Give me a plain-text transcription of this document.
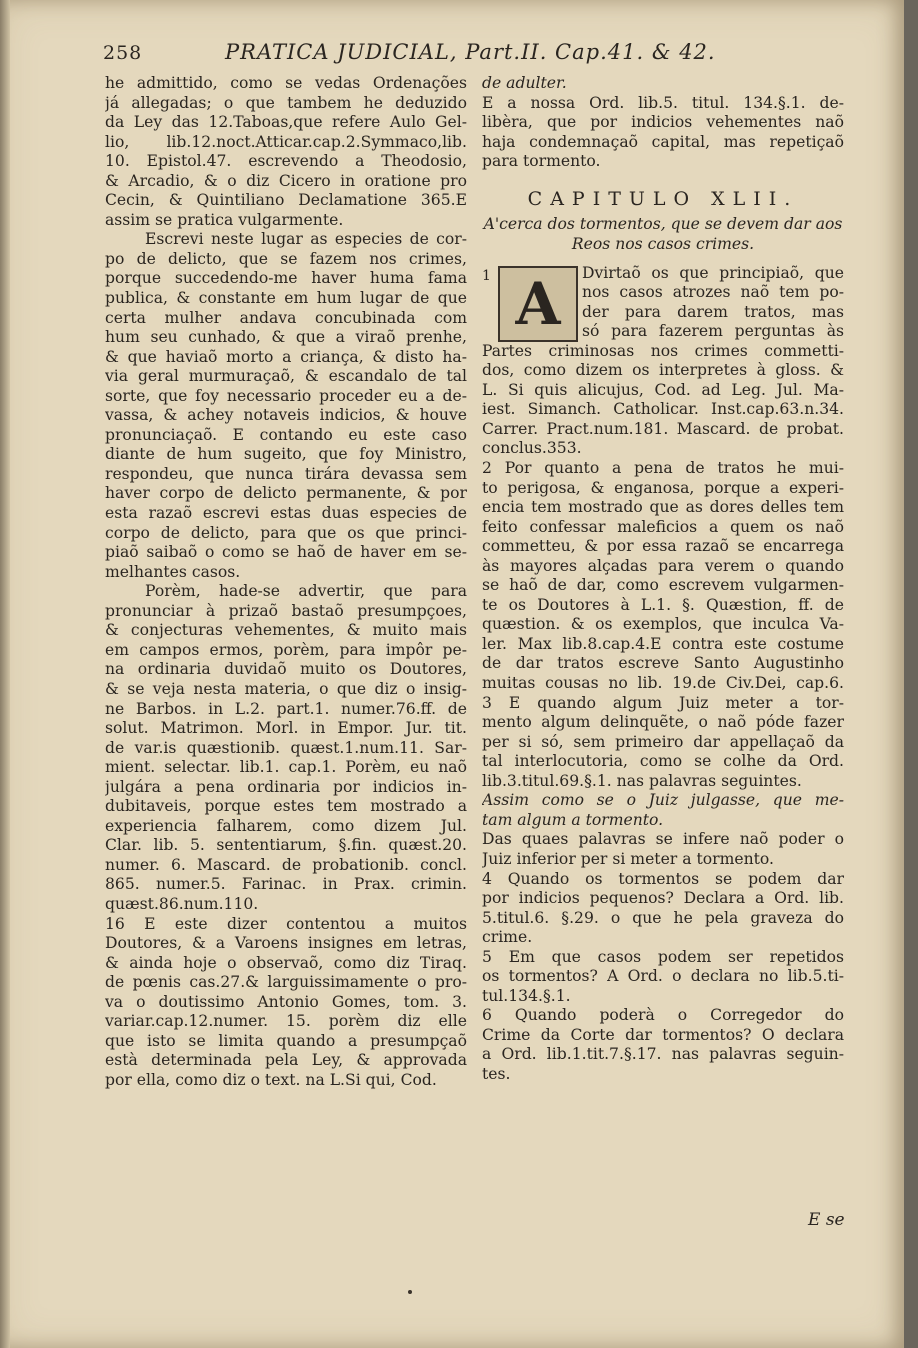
258	PRATICA JUDICIAL, Part.II. Cap.41. & 42.
he admittido, como se vedas Ordenações
já allegadas; o que tambem he deduzido
da Ley das 12.Taboas,que refere Aulo Gel-
lio, lib.12.noct.Atticar.cap.2.Symmaco,lib.
10. Epistol.47. escrevendo a Theodosio,
& Arcadio, & o diz Cicero in oratione pro
Cecin, & Quintiliano Declamatione 365.E
assim se pratica vulgarmente.
Escrevi neste lugar as especies de cor-
po de delicto, que se fazem nos crimes,
porque succedendo-me haver huma fama
publica, & constante em hum lugar de que
certa mulher andava concubinada com
hum seu cunhado, & que a viraõ prenhe,
& que haviaõ morto a criança, & disto ha-
via geral murmuraçaõ, & escandalo de tal
sorte, que foy necessario proceder eu a de-
vassa, & achey notaveis indicios, & houve
pronunciaçaõ. E contando eu este caso
diante de hum sugeito, que foy Ministro,
respondeu, que nunca tirára devassa sem
haver corpo de delicto permanente, & por
esta razaõ escrevi estas duas especies de
corpo de delicto, para que os que princi-
piaõ saibaõ o como se haõ de haver em se-
melhantes casos.
Porèm, hade-se advertir, que para
pronunciar à prizaõ bastaõ presumpçoes,
& conjecturas vehementes, & muito mais
em campos ermos, porèm, para impôr pe-
na ordinaria duvidaõ muito os Doutores,
& se veja nesta materia, o que diz o insig-
ne Barbos. in L.2. part.1. numer.76.ff. de
solut. Matrimon. Morl. in Empor. Jur. tit.
de var.is quæstionib. quæst.1.num.11. Sar-
mient. selectar. lib.1. cap.1. Porèm, eu naõ
julgára a pena ordinaria por indicios in-
dubitaveis, porque estes tem mostrado a
experiencia falharem, como dizem Jul.
Clar. lib. 5. sententiarum, §.fin. quæst.20.
numer. 6. Mascard. de probationib. concl.
865. numer.5. Farinac. in Prax. crimin.
quæst.86.num.110.
16 E este dizer contentou a muitos
Doutores, & a Varoens insignes em letras,
& ainda hoje o observaõ, como diz Tiraq.
de pœnis cas.27.& larguissimamente o pro-
va o doutissimo Antonio Gomes, tom. 3.
variar.cap.12.numer. 15. porèm diz elle
que isto se limita quando a presumpçaõ
està determinada pela Ley, & approvada
por ella, como diz o text. na L.Si qui, Cod.
de adulter.
E a nossa Ord. lib.5. titul. 134.§.1. de-
libèra, que por indicios vehementes naõ
haja condemnaçaõ capital, mas repetiçaõ
para tormento.
CAPITULO XLII.
A'cerca dos tormentos, que se devem dar aos
Reos nos casos crimes.
1 A	Dvirtaõ os que principiaõ, que
nos casos atrozes naõ tem po-
der para darem tratos, mas
só para fazerem perguntas às
Partes criminosas nos crimes commetti-
dos, como dizem os interpretes à gloss. &
L. Si quis alicujus, Cod. ad Leg. Jul. Ma-
iest. Simanch. Catholicar. Inst.cap.63.n.34.
Carrer. Pract.num.181. Mascard. de probat.
conclus.353.
2 Por quanto a pena de tratos he mui-
to perigosa, & enganosa, porque a experi-
encia tem mostrado que as dores delles tem
feito confessar maleficios a quem os naõ
commetteu, & por essa razaõ se encarrega
às mayores alçadas para verem o quando
se haõ de dar, como escrevem vulgarmen-
te os Doutores à L.1. §. Quæstion, ff. de
quæstion. & os exemplos, que inculca Va-
ler. Max lib.8.cap.4.E contra este costume
de dar tratos escreve Santo Augustinho
muitas cousas no lib. 19.de Civ.Dei, cap.6.
3 E quando algum Juiz meter a tor-
mento algum delinquẽte, o naõ póde fazer
per si só, sem primeiro dar appellaçaõ da
tal interlocutoria, como se colhe da Ord.
lib.3.titul.69.§.1. nas palavras seguintes.
Assim como se o Juiz julgasse, que me-
tam algum a tormento.
Das quaes palavras se infere naõ poder o
Juiz inferior per si meter a tormento.
4 Quando os tormentos se podem dar
por indicios pequenos? Declara a Ord. lib.
5.titul.6. §.29. o que he pela graveza do
crime.
5 Em que casos podem ser repetidos
os tormentos? A Ord. o declara no lib.5.ti-
tul.134.§.1.
6 Quando poderà o Corregedor do
Crime da Corte dar tormentos? O declara
a Ord. lib.1.tit.7.§.17. nas palavras seguin-
tes.
E se
